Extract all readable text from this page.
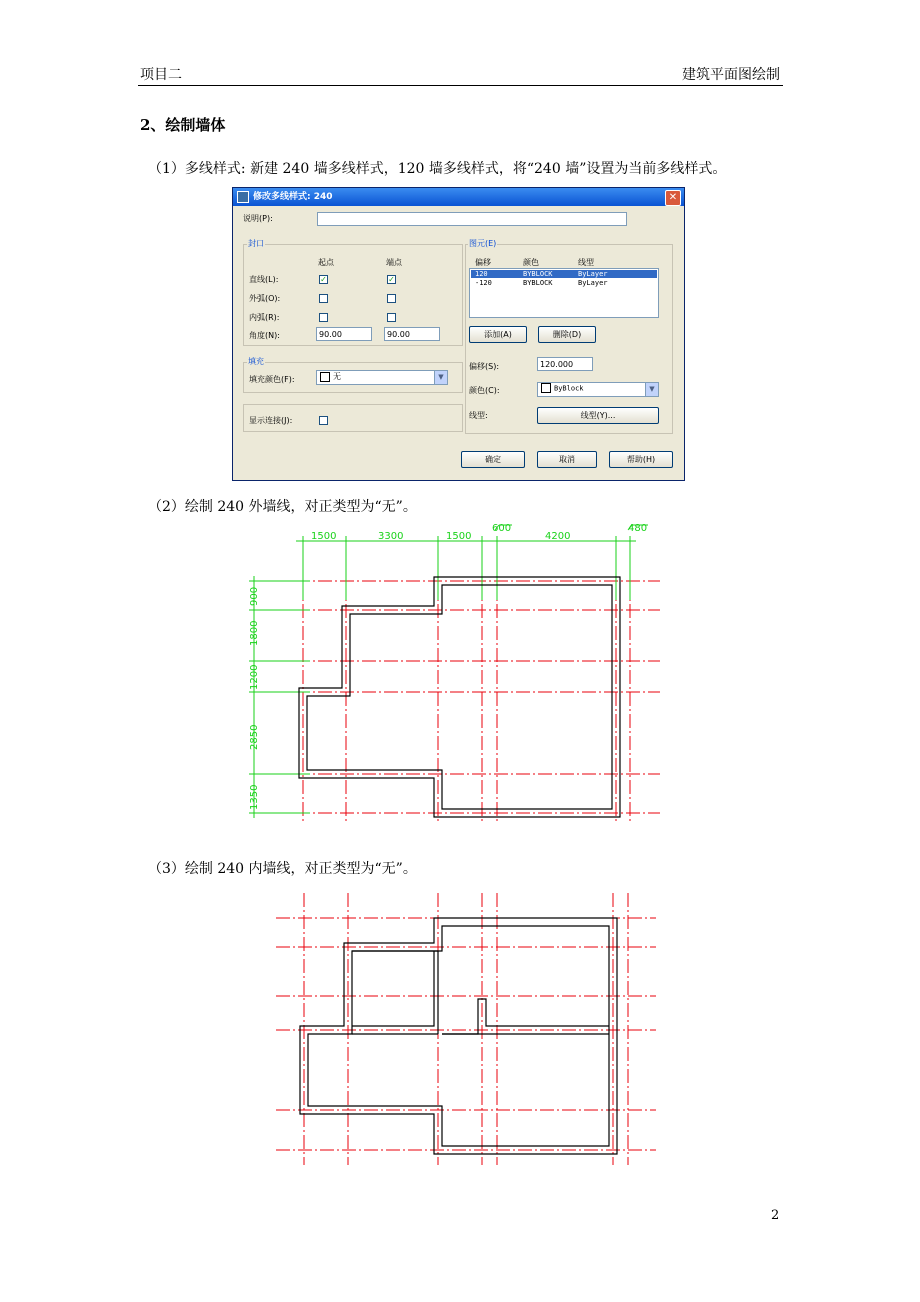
项目二	建筑平面图绘制
2、绘制墙体
（1）多线样式: 新建 240 墙多线样式，120 墙多线样式，将“240 墙”设置为当前多线样式。
修改多线样式: 240	✕
说明(P):
封口
起点	端点
直线(L):	✓	✓
外弧(O):
内弧(R):
角度(N):	90.00	90.00
填充
填充颜色(F):	无	▼
显示连接(J):
图元(E)
偏移	颜色	线型
120	BYBLOCK	ByLayer
-120	BYBLOCK	ByLayer
添加(A)	删除(D)
偏移(S):	120.000
颜色(C):	ByBlock	▼
线型:	线型(Y)...
确定	取消	帮助(H)
（2）绘制 240 外墙线，对正类型为“无”。
1500	3300	1500
600
4200
480
900
1800
1200
2850
1350
（3）绘制 240 内墙线，对正类型为“无”。
2
